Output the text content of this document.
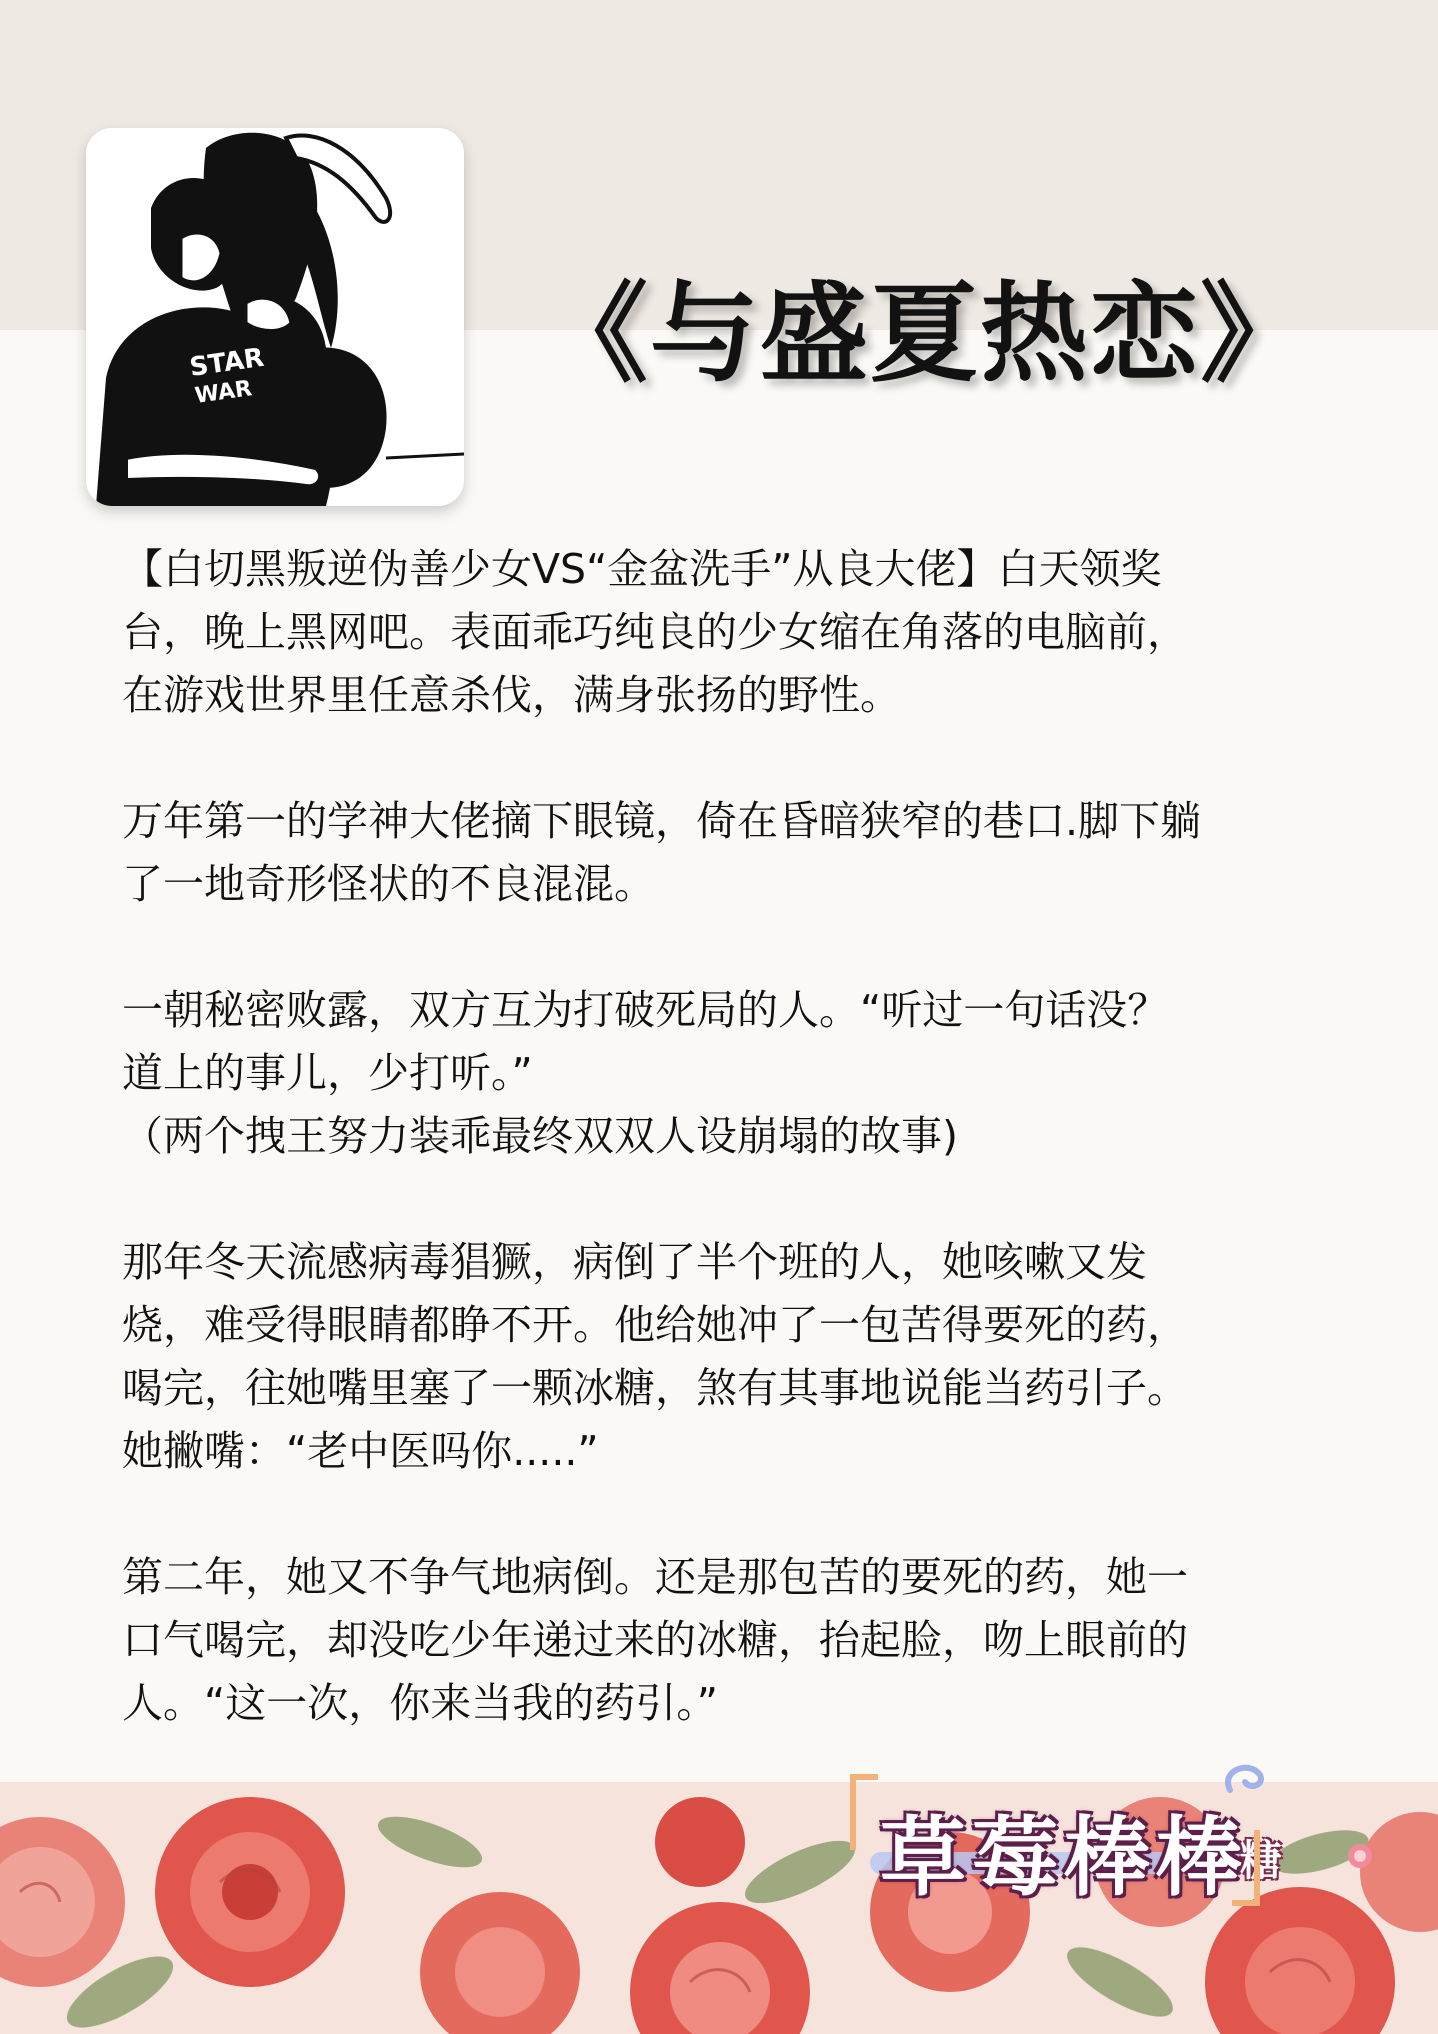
STAR
WAR	《与盛夏热恋》

【白切黑叛逆伪善少女VS“金盆洗手”从良大佬】白天领奖
台，晚上黑网吧。表面乖巧纯良的少女缩在角落的电脑前，
在游戏世界里任意杀伐，满身张扬的野性。

万年第一的学神大佬摘下眼镜，倚在昏暗狭窄的巷口.脚下躺
了一地奇形怪状的不良混混。

一朝秘密败露，双方互为打破死局的人。“听过一句话没？
道上的事儿，少打听。”
（两个拽王努力装乖最终双双人设崩塌的故事)

那年冬天流感病毒猖獗，病倒了半个班的人，她咳嗽又发
烧，难受得眼睛都睁不开。他给她冲了一包苦得要死的药，
喝完，往她嘴里塞了一颗冰糖，煞有其事地说能当药引子。
她撇嘴：“老中医吗你.....”

第二年，她又不争气地病倒。还是那包苦的要死的药，她一
口气喝完，却没吃少年递过来的冰糖，抬起脸，吻上眼前的
人。“这一次，你来当我的药引。”

草莓棒棒
糖
